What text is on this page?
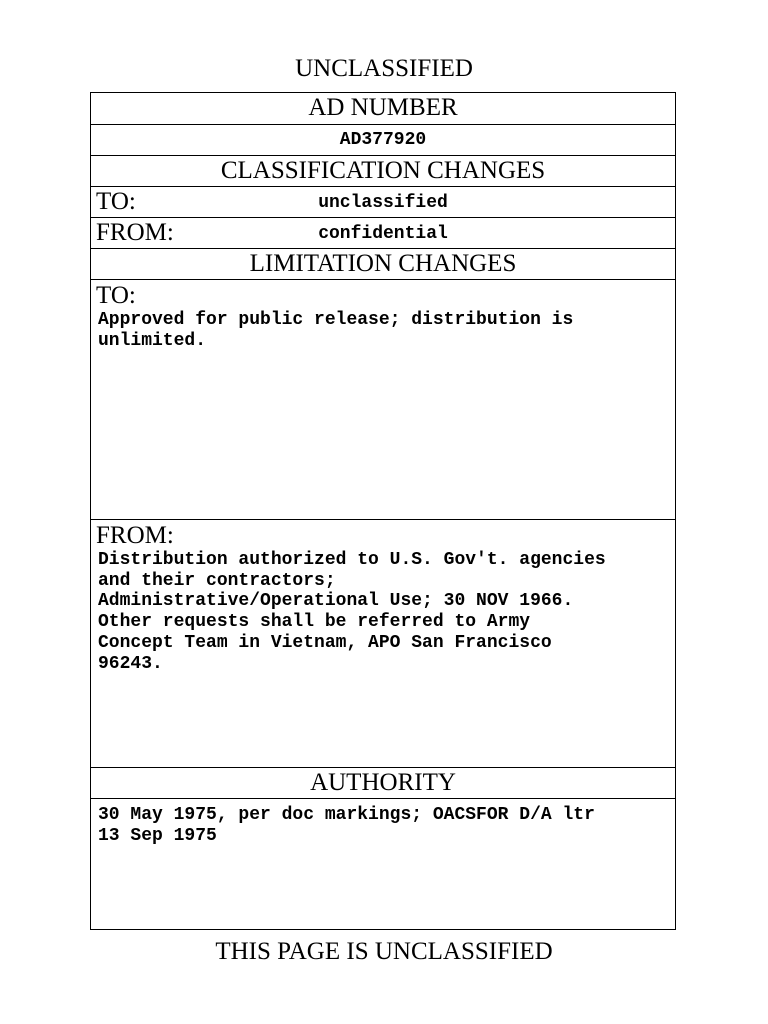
UNCLASSIFIED
AD NUMBER
AD377920
CLASSIFICATION CHANGES
TO:	unclassified
FROM:	confidential
LIMITATION CHANGES
TO:
Approved for public release; distribution is
unlimited.
FROM:
Distribution authorized to U.S. Gov't. agencies
and their contractors;
Administrative/Operational Use; 30 NOV 1966.
Other requests shall be referred to Army
Concept Team in Vietnam, APO San Francisco
96243.
AUTHORITY
30 May 1975, per doc markings; OACSFOR D/A ltr
13 Sep 1975
THIS PAGE IS UNCLASSIFIED
